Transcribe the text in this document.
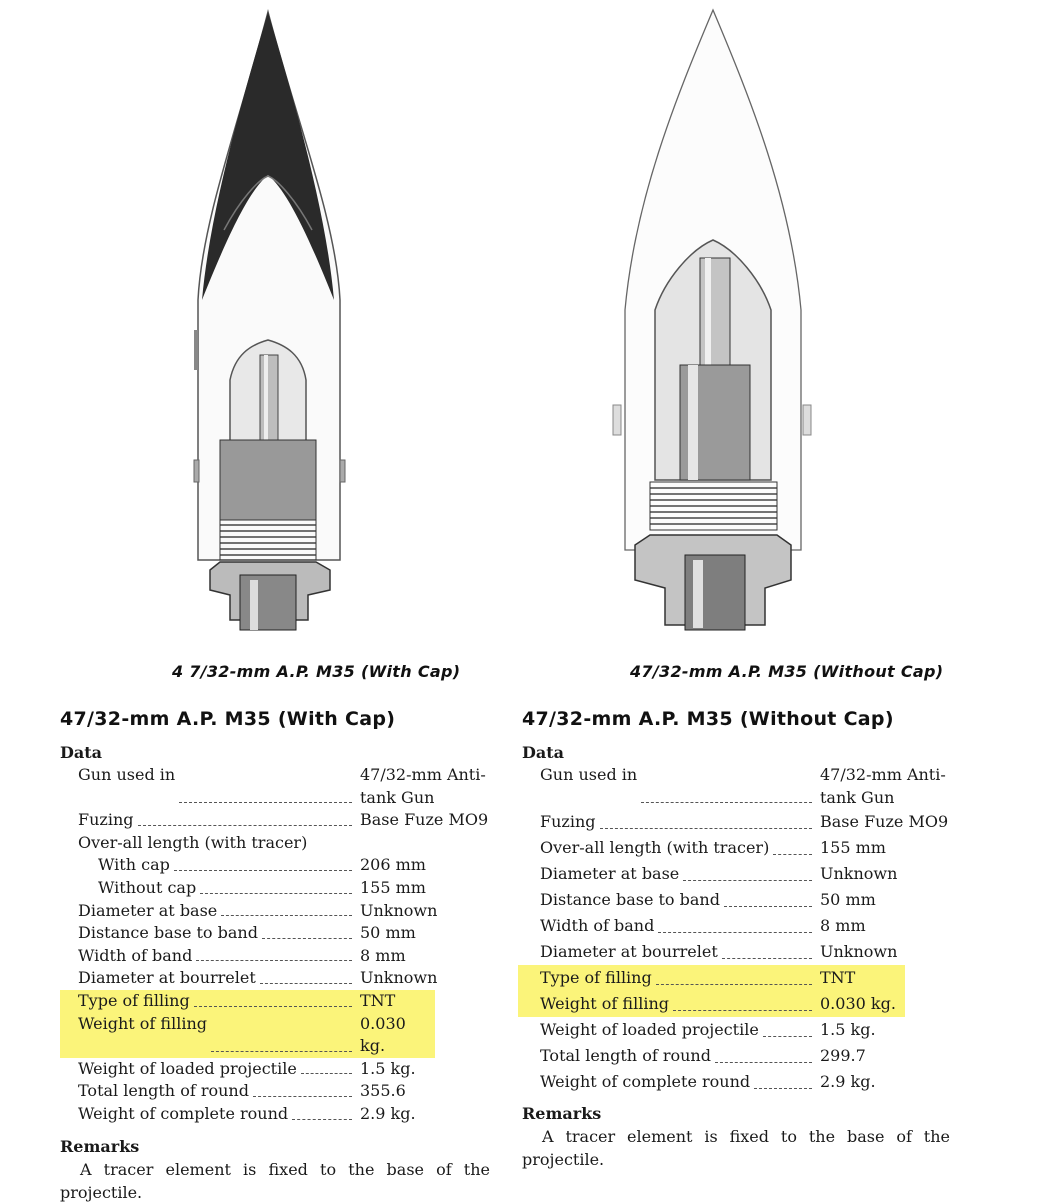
4 7/32-mm A.P. M35 (With Cap)	47/32-mm A.P. M35 (Without Cap)
47/32-mm A.P. M35 (With Cap)

Data

Gun used in	47/32-mm Anti-
tank Gun
Fuzing	Base Fuze MO9
Over-all length (with tracer)
With cap	206 mm
Without cap	155 mm
Diameter at base	Unknown
Distance base to band	50 mm
Width of band	8 mm
Diameter at bourrelet	Unknown
Type of filling	TNT
Weight of filling	0.030 kg.
Weight of loaded projectile	1.5 kg.
Total length of round	355.6
Weight of complete round	2.9 kg.

Remarks

A tracer element is fixed to the base of the projectile.

47/32-mm A.P. M35 (Without Cap)

Data

Gun used in	47/32-mm Anti-
tank Gun
Fuzing	Base Fuze MO9
Over-all length (with tracer)	155 mm
Diameter at base	Unknown
Distance base to band	50 mm
Width of band	8 mm
Diameter at bourrelet	Unknown
Type of filling	TNT
Weight of filling	0.030 kg.
Weight of loaded projectile	1.5 kg.
Total length of round	299.7
Weight of complete round	2.9 kg.

Remarks

A tracer element is fixed to the base of the projectile.
